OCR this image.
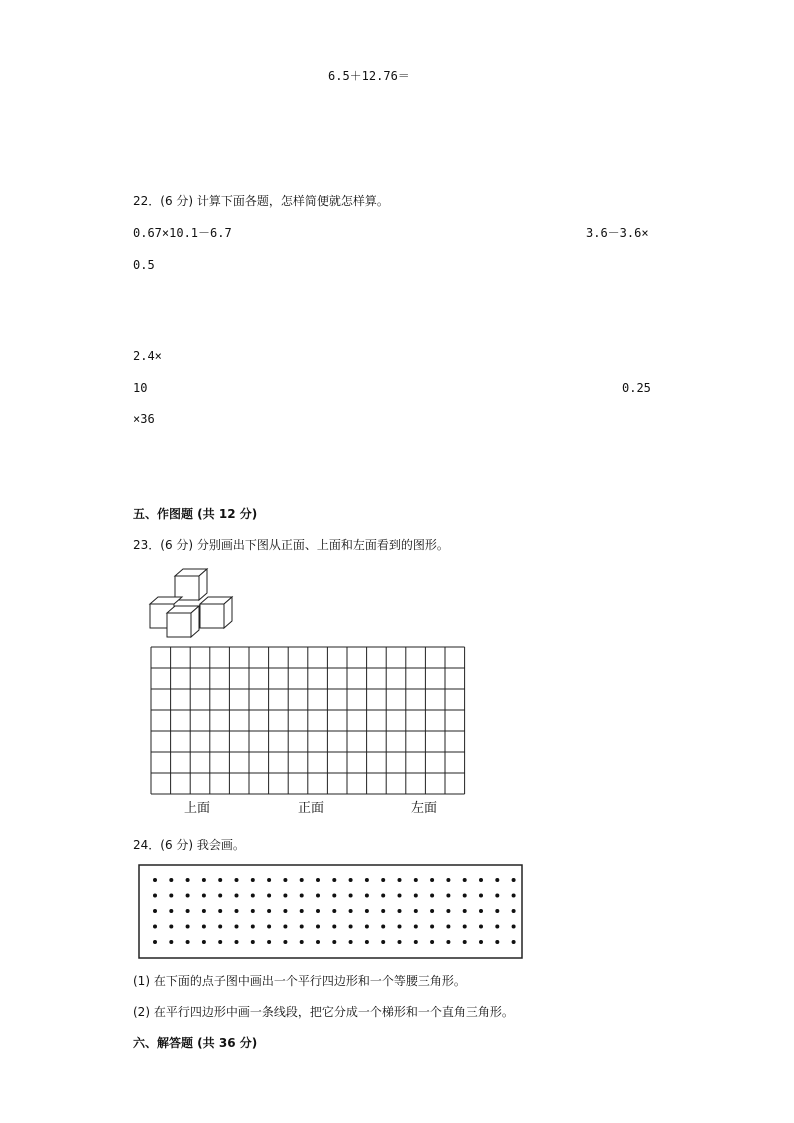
6.5＋12.76＝
22．(6 分) 计算下面各题，怎样简便就怎样算。
0.67×10.1－6.7	3.6－3.6×
0.5
2.4×
10	0.25
×36
五、作图题 (共 12 分)
23．(6 分) 分别画出下图从正面、上面和左面看到的图形。
上面	正面	左面
24．(6 分) 我会画。
(1) 在下面的点子图中画出一个平行四边形和一个等腰三角形。
(2) 在平行四边形中画一条线段，把它分成一个梯形和一个直角三角形。
六、解答题 (共 36 分)
